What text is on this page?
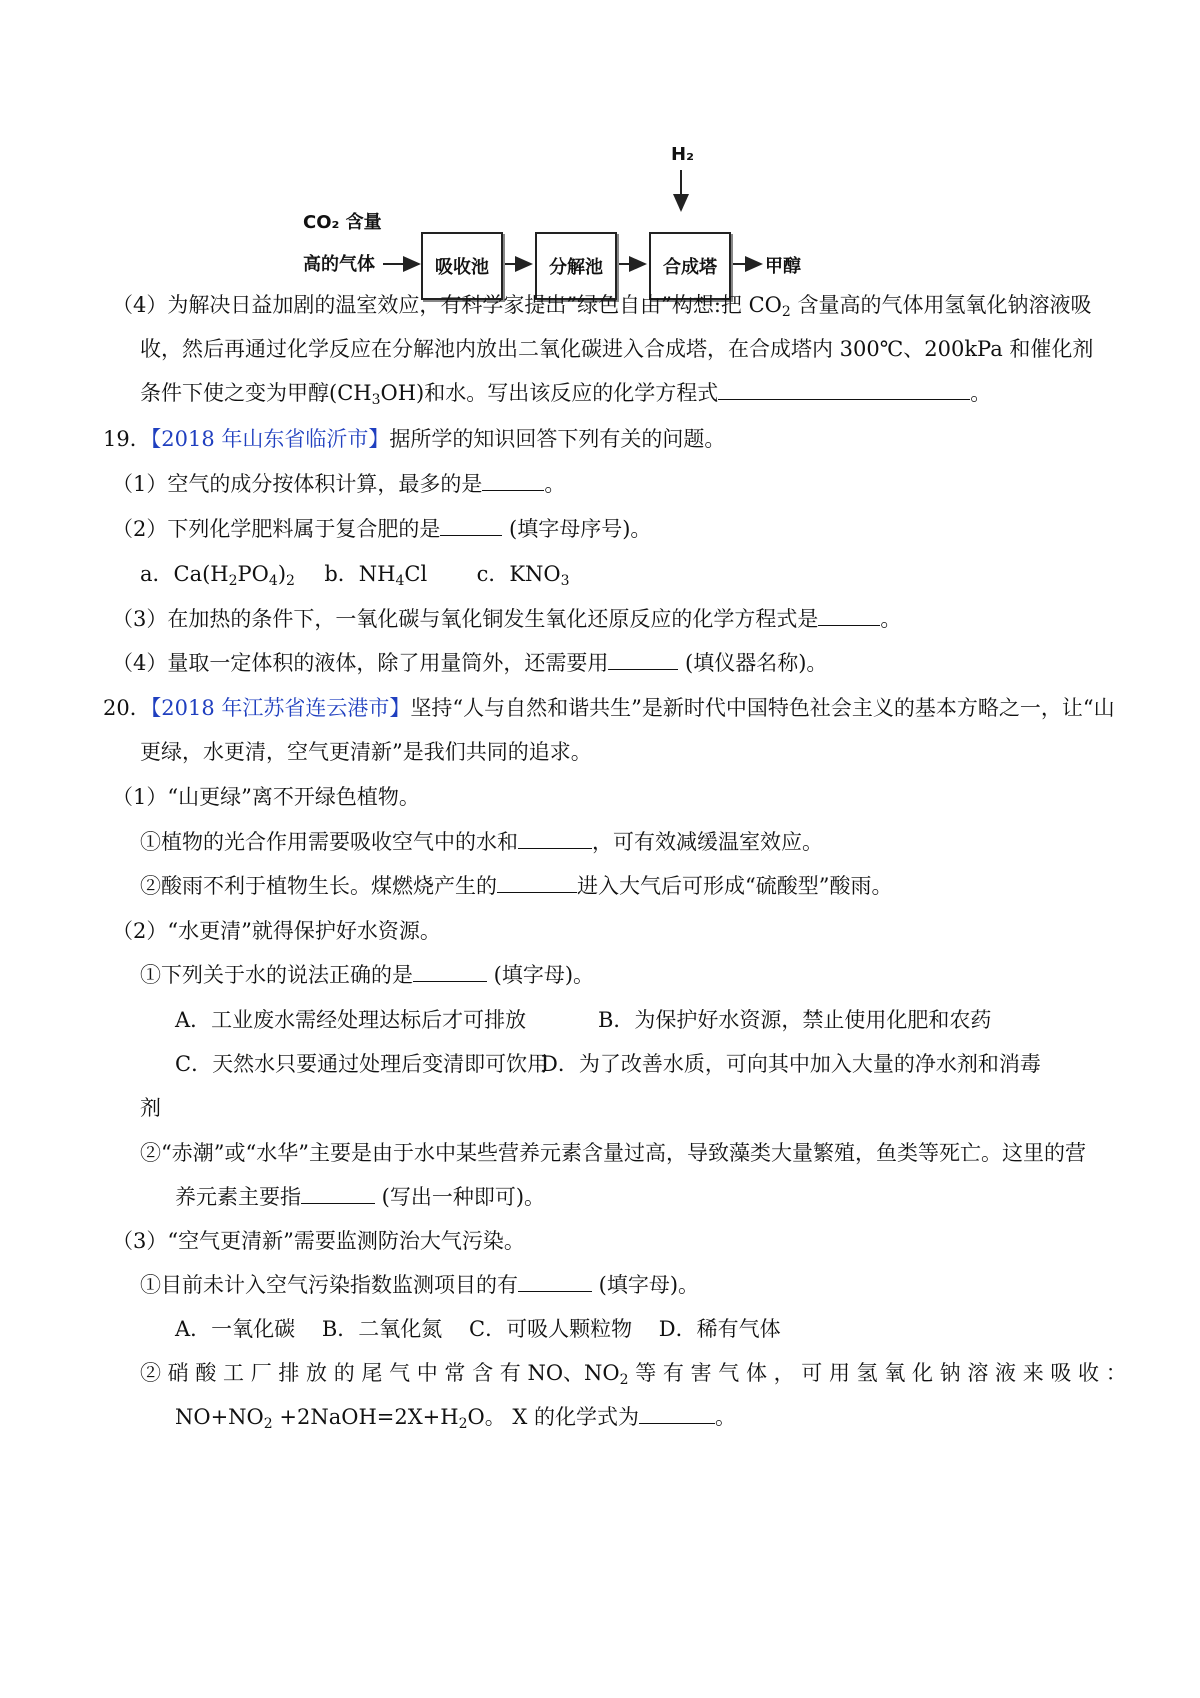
CO₂ 含量
高的气体	吸收池	分解池	合成塔	甲醇
H₂
（4）为解决日益加剧的温室效应，有科学家提出”绿色自由”构想:把 $CO_2$ 含量高的气体用氢氧化钠溶液吸
收，然后再通过化学反应在分解池内放出二氧化碳进入合成塔，在合成塔内 300℃、200kPa 和催化剂
条件下使之变为甲醇$(CH_3OH)$和水。写出该反应的化学方程式	。
19．【2018 年山东省临沂市】据所学的知识回答下列有关的问题。
（1）空气的成分按体积计算，最多的是	。
（2）下列化学肥料属于复合肥的是	(填字母序号)。
a．$Ca(H_2PO_4)_2$ b．$NH_4Cl$ c．$KNO_3$
（3）在加热的条件下，一氧化碳与氧化铜发生氧化还原反应的化学方程式是	。
（4）量取一定体积的液体，除了用量筒外，还需要用	(填仪器名称)。
20．【2018 年江苏省连云港市】坚持“人与自然和谐共生”是新时代中国特色社会主义的基本方略之一，让“山
更绿，水更清，空气更清新”是我们共同的追求。
（1）“山更绿”离不开绿色植物。
①植物的光合作用需要吸收空气中的水和	，可有效减缓温室效应。
②酸雨不利于植物生长。煤燃烧产生的	进入大气后可形成“硫酸型”酸雨。
（2）“水更清”就得保护好水资源。
①下列关于水的说法正确的是	(填字母)。
A．工业废水需经处理达标后才可排放	B．为保护好水资源，禁止使用化肥和农药
C．天然水只要通过处理后变清即可饮用
D．为了改善水质，可向其中加入大量的净水剂和消毒
剂
②“赤潮”或“水华”主要是由于水中某些营养元素含量过高，导致藻类大量繁殖，鱼类等死亡。这里的营
养元素主要指	(写出一种即可)。
（3）“空气更清新”需要监测防治大气污染。
①目前未计入空气污染指数监测项目的有	(填字母)。
A．一氧化碳    B．二氧化氮    C．可吸人颗粒物    D．稀有气体
② 硝 酸 工 厂 排 放 的 尾 气 中 常 含 有 NO、$NO_2$ 等 有 害 气 体 ， 可 用 氢 氧 化 钠 溶 液 来 吸 收 ：
$NO+NO_2$ $+2NaOH=2X+H_2O$。 X 的化学式为	。
